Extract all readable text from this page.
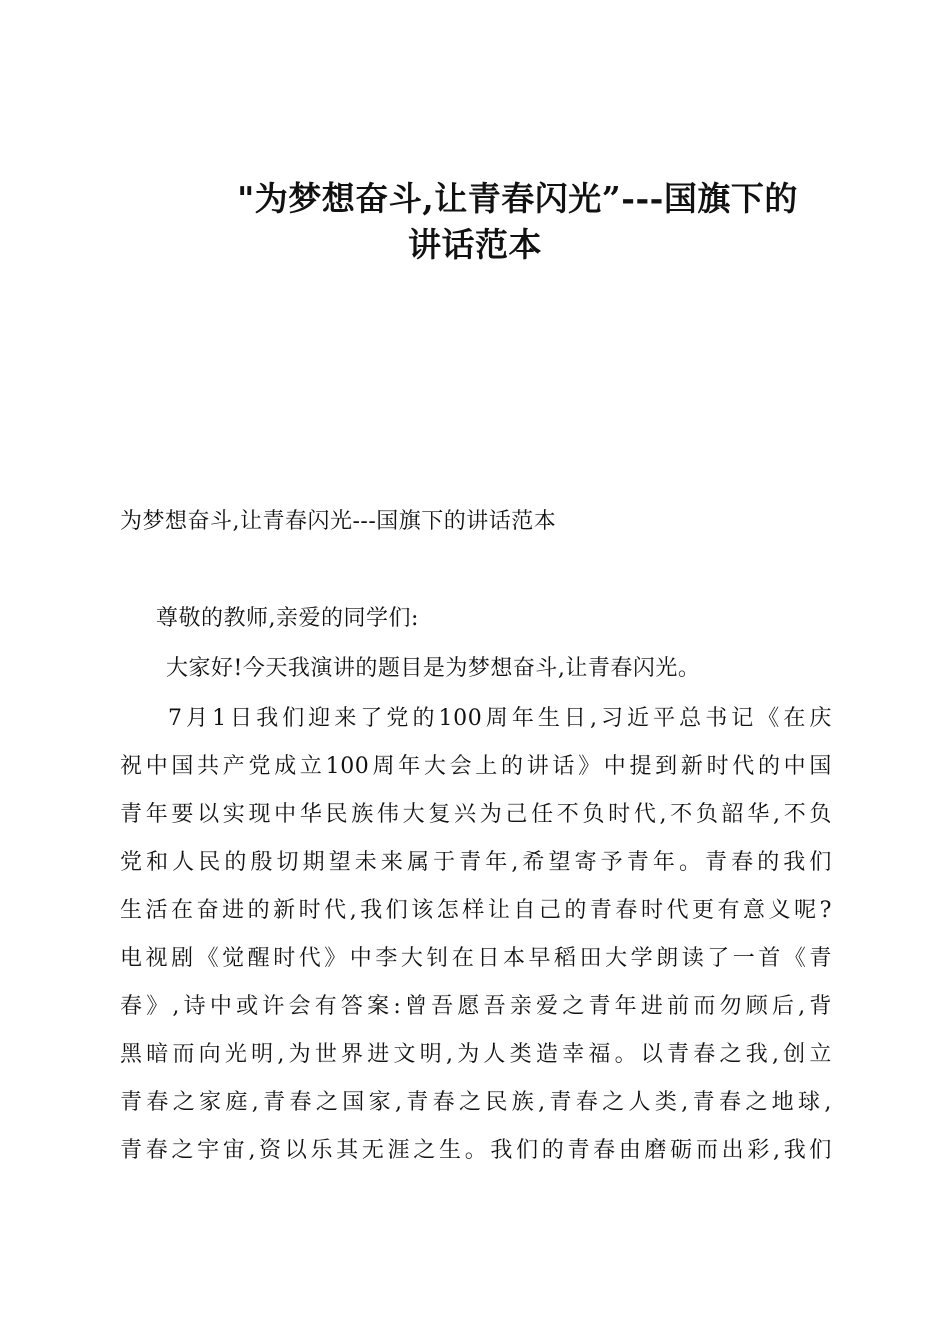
"为梦想奋斗,让青春闪光”---国旗下的
讲话范本

为梦想奋斗,让青春闪光---国旗下的讲话范本

尊敬的教师,亲爱的同学们:

大家好!今天我演讲的题目是为梦想奋斗,让青春闪光。

7月1日我们迎来了党的100周年生日,习近平总书记《在庆
祝中国共产党成立100周年大会上的讲话》中提到新时代的中国
青年要以实现中华民族伟大复兴为己任不负时代,不负韶华,不负
党和人民的殷切期望未来属于青年,希望寄予青年。青春的我们
生活在奋进的新时代,我们该怎样让自己的青春时代更有意义呢?
电视剧《觉醒时代》中李大钊在日本早稻田大学朗读了一首《青
春》,诗中或许会有答案:曾吾愿吾亲爱之青年进前而勿顾后,背
黑暗而向光明,为世界进文明,为人类造幸福。以青春之我,创立
青春之家庭,青春之国家,青春之民族,青春之人类,青春之地球,
青春之宇宙,资以乐其无涯之生。我们的青春由磨砺而出彩,我们
